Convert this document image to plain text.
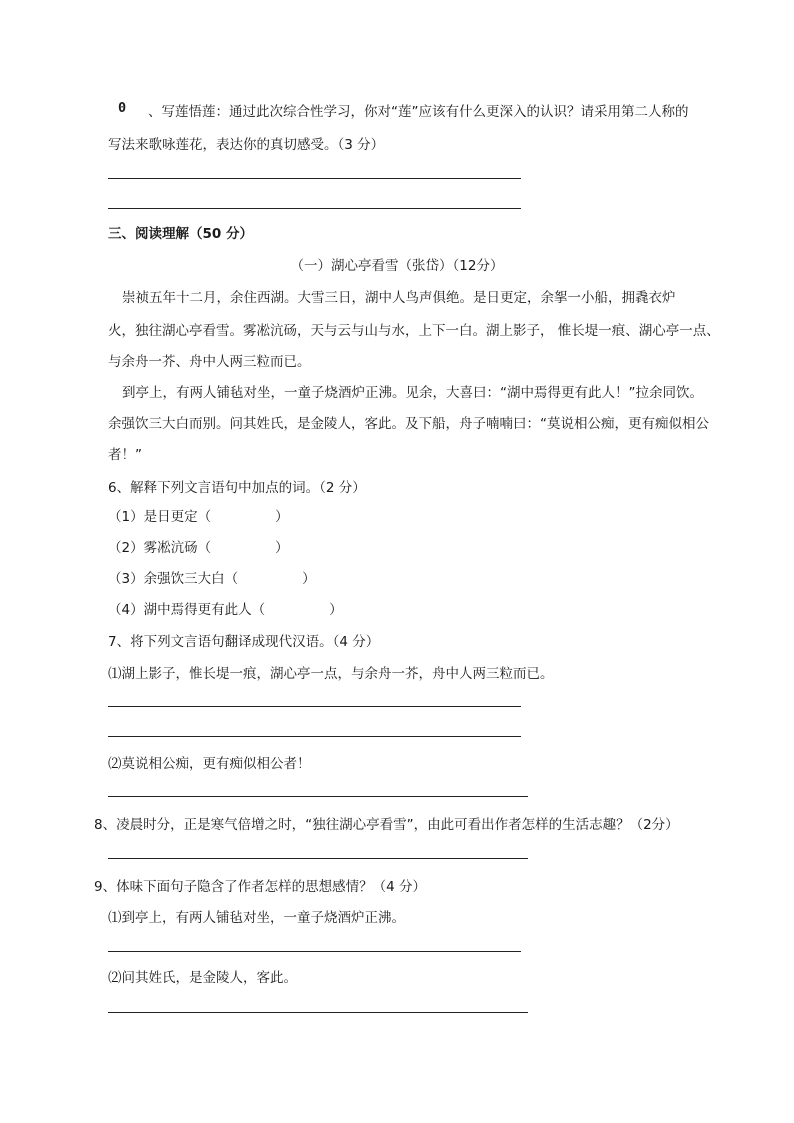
0 、写莲悟莲：通过此次综合性学习，你对“莲”应该有什么更深入的认识？请采用第二人称的
写法来歌咏莲花，表达你的真切感受。（3 分）
三、阅读理解（50 分）
（一）湖心亭看雪（张岱）（12分）
崇祯五年十二月，余住西湖。大雪三日，湖中人鸟声俱绝。是日更定，余挐一小船，拥毳衣炉
火，独往湖心亭看雪。雾凇沆砀，天与云与山与水，上下一白。湖上影子， 惟长堤一痕、湖心亭一点、
与余舟一芥、舟中人两三粒而已。
到亭上，有两人铺毡对坐，一童子烧酒炉正沸。见余，大喜曰：“湖中焉得更有此人！”拉余同饮。
余强饮三大白而别。问其姓氏，是金陵人，客此。及下船，舟子喃喃曰：“莫说相公痴，更有痴似相公
者！”
6、解释下列文言语句中加点的词。（2 分）
（1）是日更定（	）
（2）雾凇沆砀（	）
（3）余强饮三大白（	）
（4）湖中焉得更有此人（	）
7、将下列文言语句翻译成现代汉语。（4 分）
⑴湖上影子，惟长堤一痕，湖心亭一点，与余舟一芥，舟中人两三粒而已。
⑵莫说相公痴，更有痴似相公者！
8、凌晨时分，正是寒气倍增之时，“独往湖心亭看雪”，由此可看出作者怎样的生活志趣？（2分）
9、体味下面句子隐含了作者怎样的思想感情？（4 分）
⑴到亭上，有两人铺毡对坐，一童子烧酒炉正沸。
⑵问其姓氏，是金陵人，客此。
